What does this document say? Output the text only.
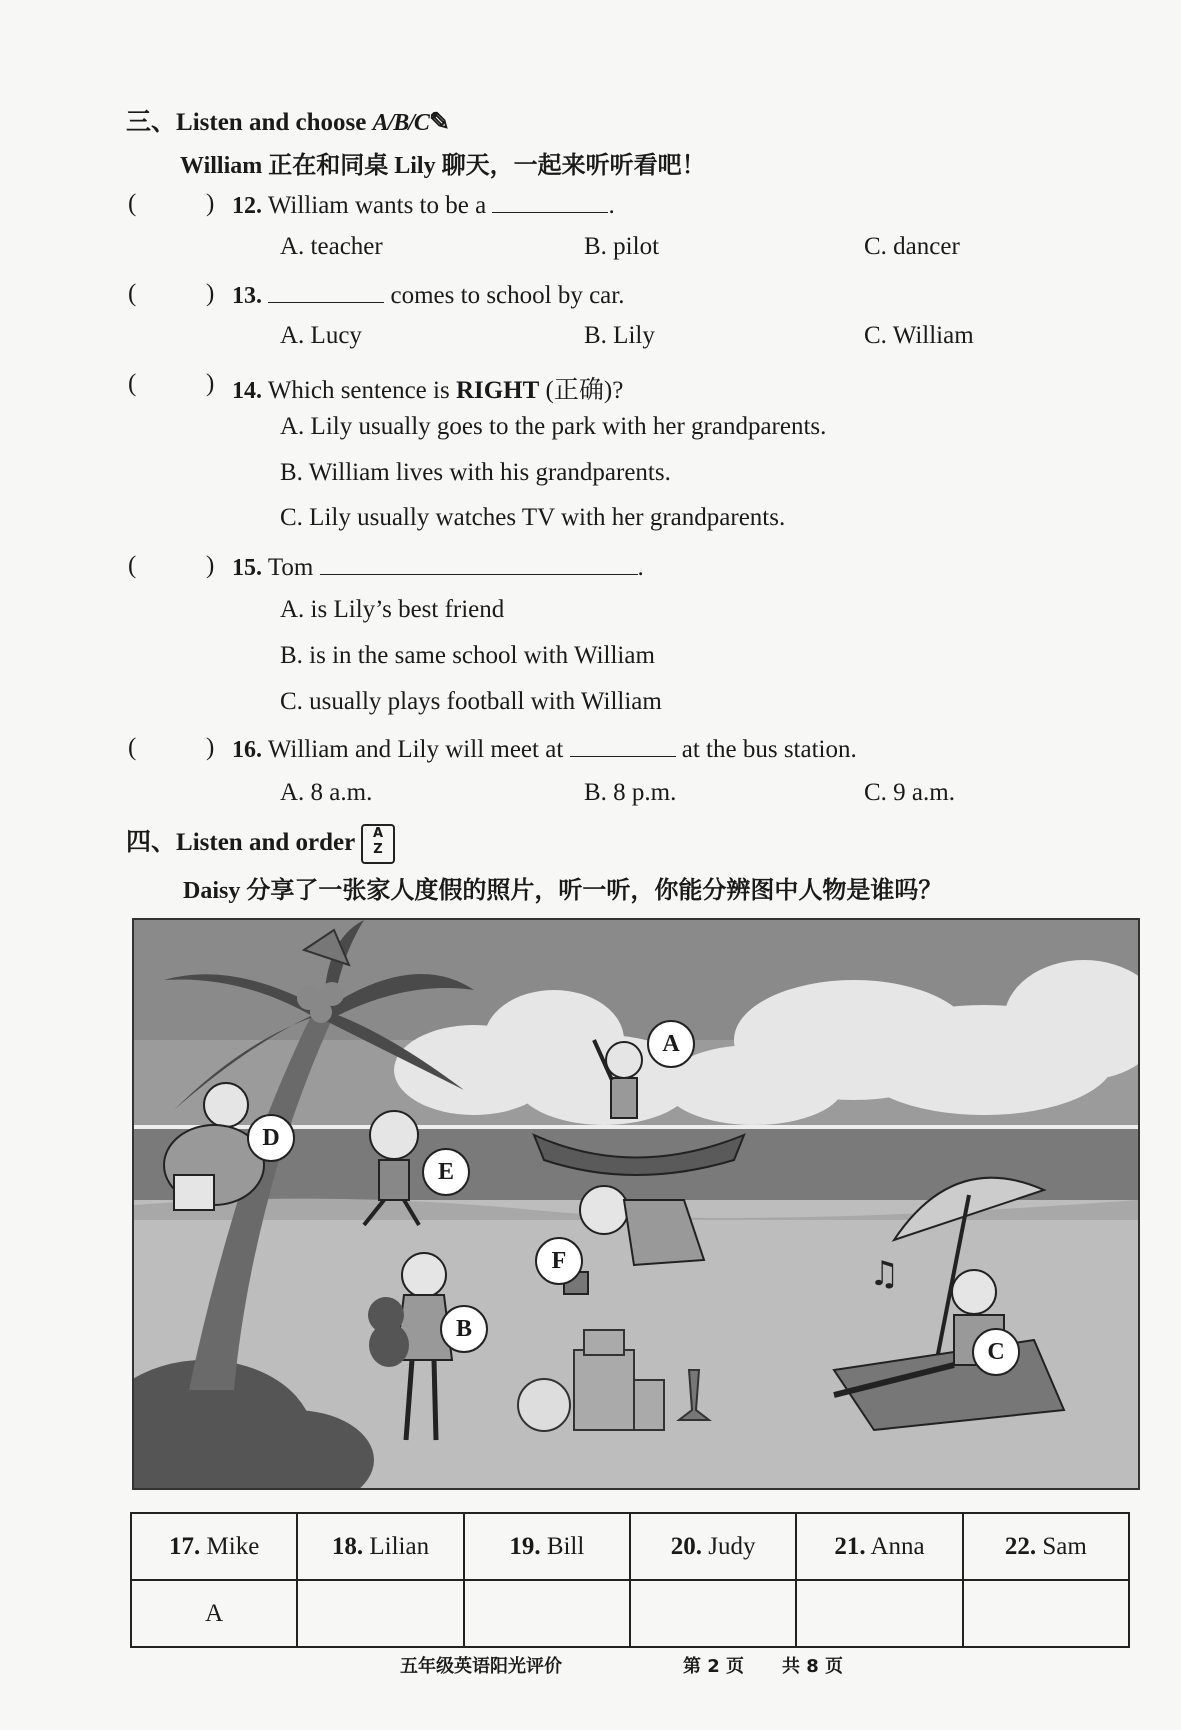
三、Listen and choose A/B/C✎
William 正在和同桌 Lily 聊天，一起来听听看吧！
(	) 12. William wants to be a	.
A. teacher	B. pilot	C. dancer
(	) 13.	comes to school by car.
A. Lucy	B. Lily	C. William
(	) 14. Which sentence is RIGHT (正确)?
A. Lily usually goes to the park with her grandparents.
B. William lives with his grandparents.
C. Lily usually watches TV with her grandparents.
(	) 15. Tom	.
A. is Lily’s best friend
B. is in the same school with William
C. usually plays football with William
(	) 16. William and Lily will meet at	at the bus station.
A. 8 a.m.	B. 8 p.m.	C. 9 a.m.
四、Listen and order A
Z
Daisy 分享了一张家人度假的照片，听一听，你能分辨图中人物是谁吗？
♫
A
B
C
D
E
F
17. Mike	18. Lilian	19. Bill	20. Judy	21. Anna	22. Sam
A					
五年级英语阳光评价	第 2 页 共 8 页
